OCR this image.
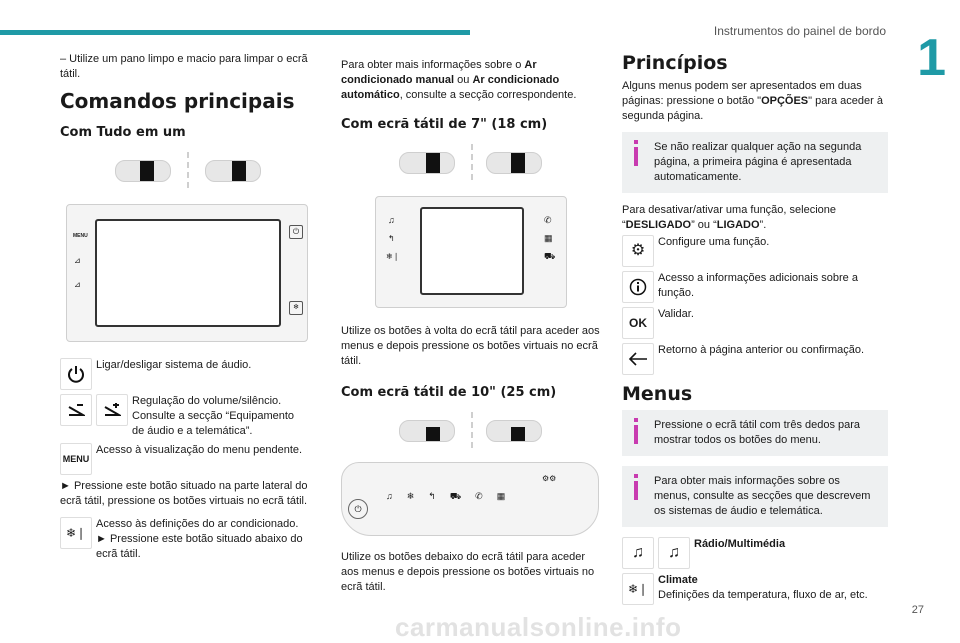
Instrumentos do painel de bordo 1
27
carmanualsonline.info

– Utilize um pano limpo e macio para limpar o ecrã tátil.

Comandos principais
Com Tudo em um
MENU
⊿
⊿
⏻
❄
Ligar/desligar sistema de áudio.
Regulação do volume/silêncio. Consulte a secção “Equipamento de áudio e a telemática”.
MENUAcesso à visualização do menu pendente.

► Pressione este botão situado na parte lateral do ecrã tátil, pressione os botões virtuais no ecrã tátil.

❄❘Acesso às definições do ar condicionado. ► Pressione este botão situado abaixo do ecrã tátil.

Para obter mais informações sobre o Ar condicionado manual ou Ar condicionado automático, consulte a secção correspondente.

Com ecrã tátil de 7" (18 cm)
♫
↰
❄❘
✆
▦
⛟

Utilize os botões à volta do ecrã tátil para aceder aos menus e depois pressione os botões virtuais no ecrã tátil.

Com ecrã tátil de 10" (25 cm)
⏻
♫❄↰⛟✆▦
⚙⚙

Utilize os botões debaixo do ecrã tátil para aceder aos menus e depois pressione os botões virtuais no ecrã tátil.

Princípios

Alguns menus podem ser apresentados em duas páginas: pressione o botão "OPÇÕES" para aceder à segunda página.

Se não realizar qualquer ação na segunda página, a primeira página é apresentada automaticamente.

Para desativar/ativar uma função, selecione “DESLIGADO” ou “LIGADO”.

⚙ Configure uma função.
Acesso a informações adicionais sobre a função.
OKValidar.
Retorno à página anterior ou confirmação.
Menus
Pressione o ecrã tátil com três dedos para mostrar todos os botões do menu.
Para obter mais informações sobre os menus, consulte as secções que descrevem os sistemas de áudio e telemática.
♫ ♫ Rádio/Multimédia
❄❘Climate
Definições da temperatura, fluxo de ar, etc.
